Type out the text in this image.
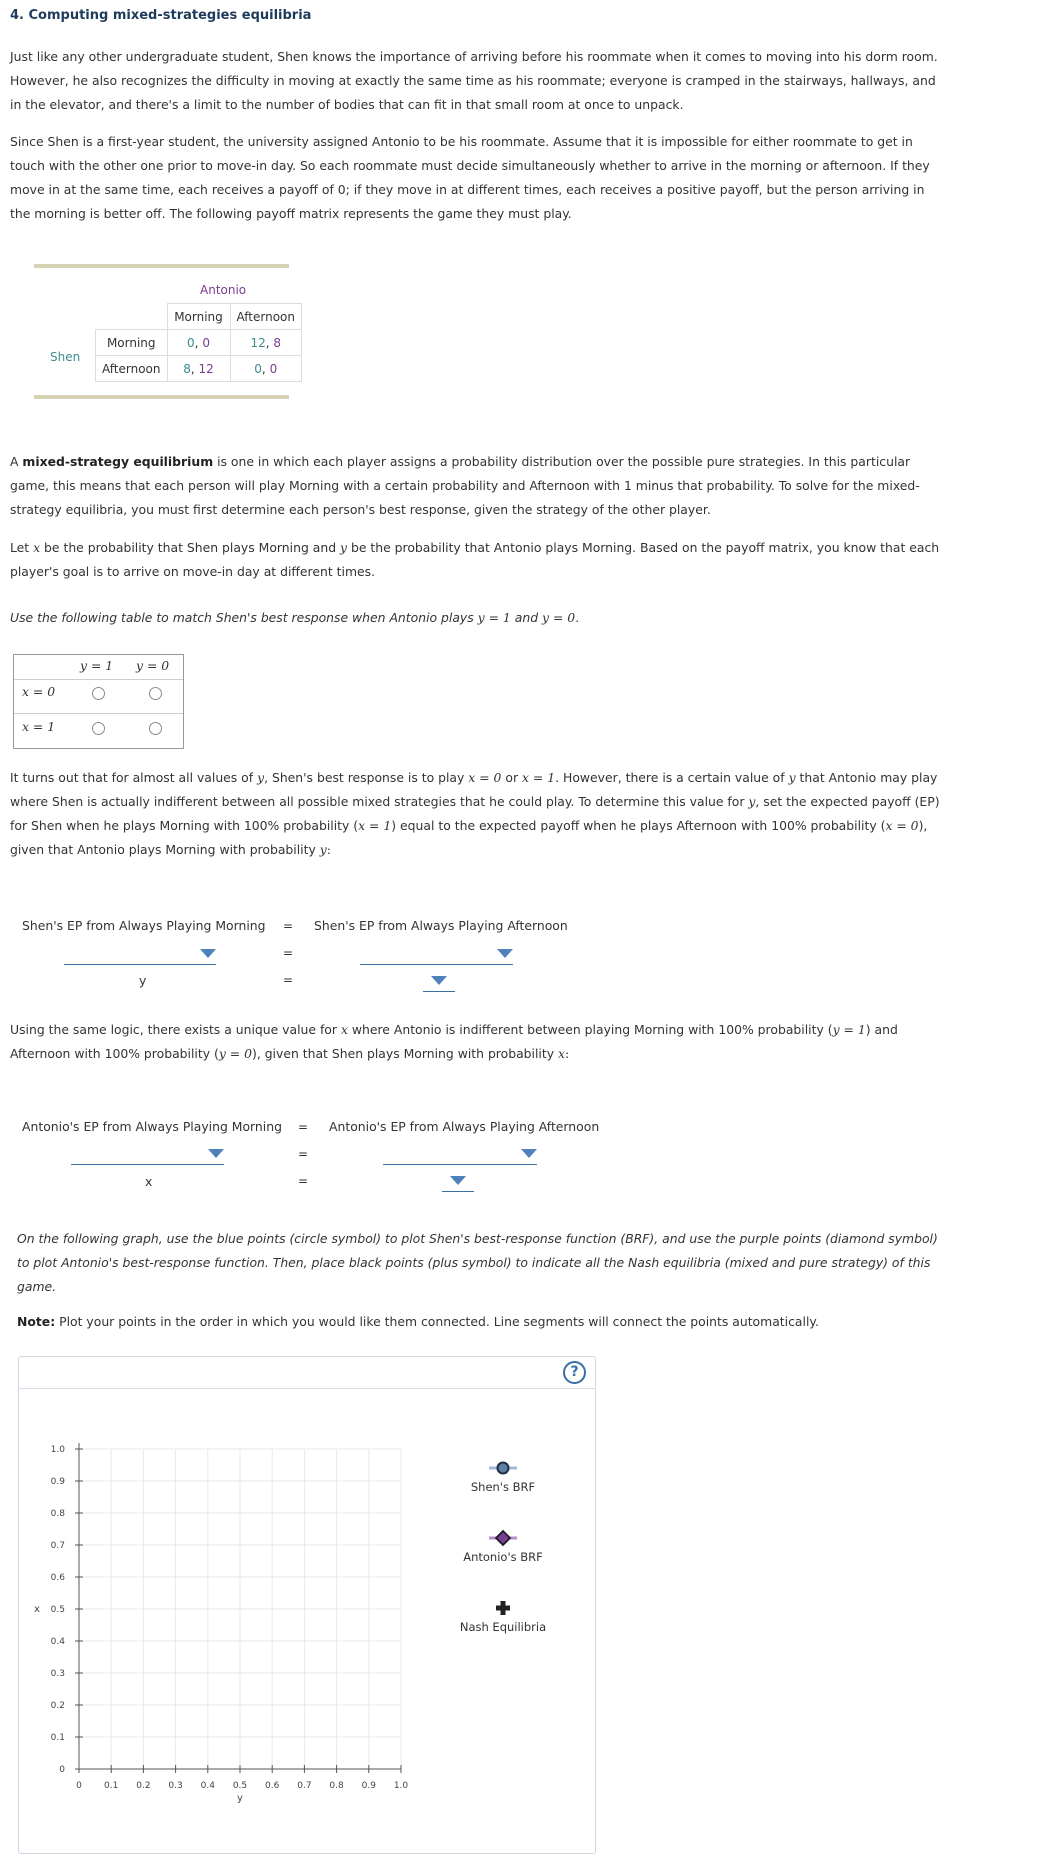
4. Computing mixed-strategies equilibria
Just like any other undergraduate student, Shen knows the importance of arriving before his roommate when it comes to moving into his dorm room. However, he also recognizes the difficulty in moving at exactly the same time as his roommate; everyone is cramped in the stairways, hallways, and in the elevator, and there's a limit to the number of bodies that can fit in that small room at once to unpack.
Since Shen is a first-year student, the university assigned Antonio to be his roommate. Assume that it is impossible for either roommate to get in touch with the other one prior to move-in day. So each roommate must decide simultaneously whether to arrive in the morning or afternoon. If they move in at the same time, each receives a payoff of 0; if they move in at different times, each receives a positive payoff, but the person arriving in the morning is better off. The following payoff matrix represents the game they must play.
Antonio
Shen
	Morning	Afternoon
Morning	0, 0	12, 8
Afternoon	8, 12	0, 0
A mixed-strategy equilibrium is one in which each player assigns a probability distribution over the possible pure strategies. In this particular game, this means that each person will play Morning with a certain probability and Afternoon with 1 minus that probability. To solve for the mixed-strategy equilibria, you must first determine each person's best response, given the strategy of the other player.
Let x be the probability that Shen plays Morning and y be the probability that Antonio plays Morning. Based on the payoff matrix, you know that each player's goal is to arrive on move-in day at different times.
Use the following table to match Shen's best response when Antonio plays y = 1 and y = 0.
y = 1 y = 0
x = 0
x = 1
It turns out that for almost all values of y, Shen's best response is to play x = 0 or x = 1. However, there is a certain value of y that Antonio may play where Shen is actually indifferent between all possible mixed strategies that he could play. To determine this value for y, set the expected payoff (EP) for Shen when he plays Morning with 100% probability (x = 1) equal to the expected payoff when he plays Afternoon with 100% probability (x = 0), given that Antonio plays Morning with probability y:
Shen's EP from Always Playing Morning = Shen's EP from Always Playing Afternoon
=
y	=
Using the same logic, there exists a unique value for x where Antonio is indifferent between playing Morning with 100% probability (y = 1) and Afternoon with 100% probability (y = 0), given that Shen plays Morning with probability x:
Antonio's EP from Always Playing Morning = Antonio's EP from Always Playing Afternoon
=
x	=
On the following graph, use the blue points (circle symbol) to plot Shen's best-response function (BRF), and use the purple points (diamond symbol) to plot Antonio's best-response function. Then, place black points (plus symbol) to indicate all the Nash equilibria (mixed and pure strategy) of this game.
Note: Plot your points in the order in which you would like them connected. Line segments will connect the points automatically.
?
0 0.1 0.2 0.3 0.4 0.5 0.6 0.7 0.8 0.9 1.0
0
0.1
0.2
0.3
0.4
0.5
0.6
0.7
0.8
0.9
1.0
y
x
Shen's BRF
Antonio's BRF
Nash Equilibria
